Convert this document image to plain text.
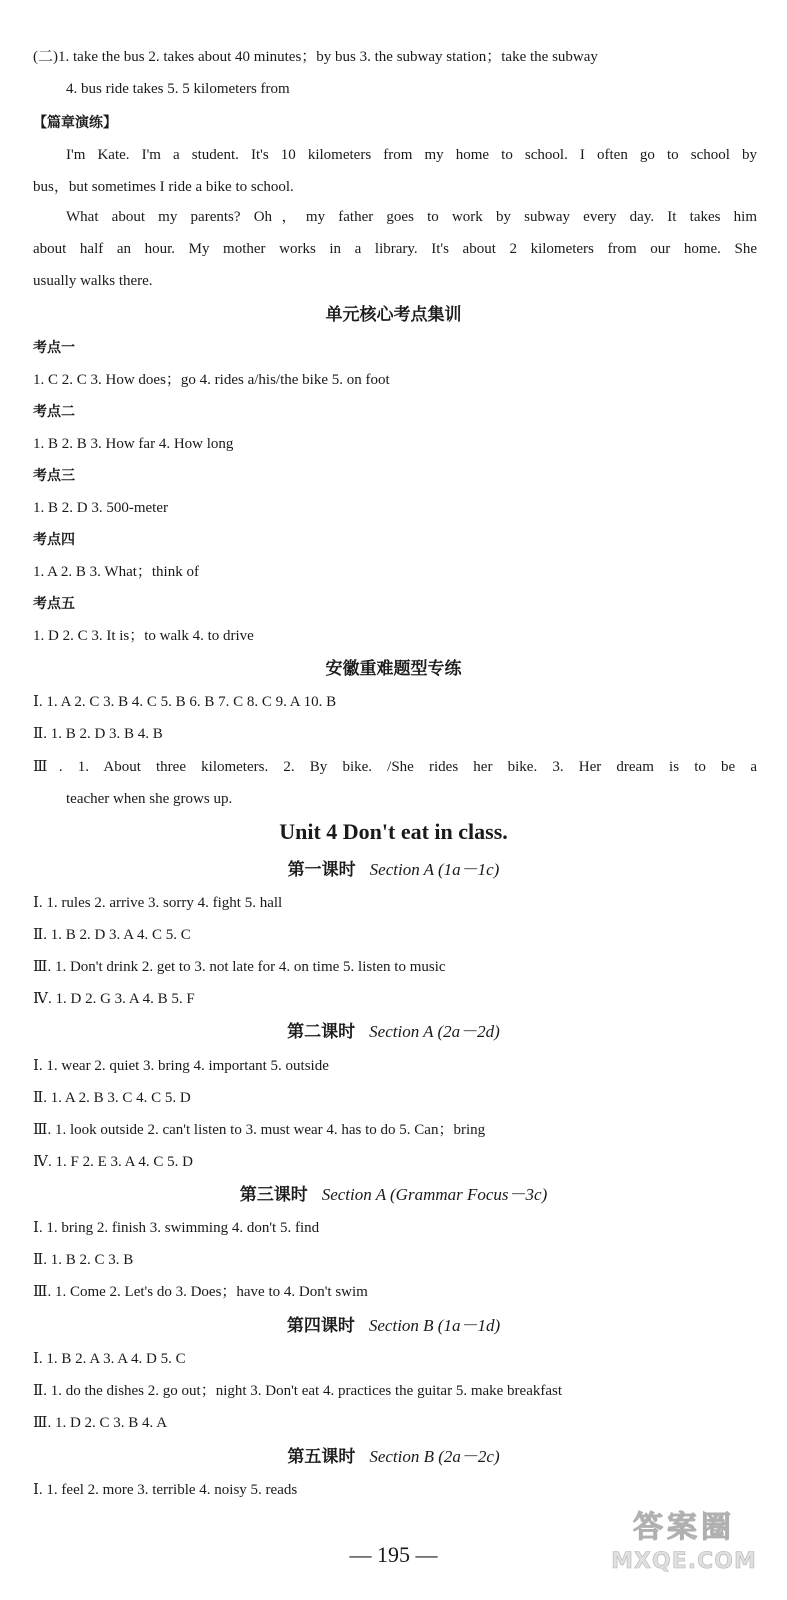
(二)1. take the bus 2. takes about 40 minutes；by bus 3. the subway station；take the subway
4. bus ride takes 5. 5 kilometers from
【篇章演练】
I'm Kate. I'm a student. It's 10 kilometers from my home to school. I often go to school by
bus，but sometimes I ride a bike to school.
What about my parents? Oh，my father goes to work by subway every day. It takes him
about half an hour. My mother works in a library. It's about 2 kilometers from our home. She
usually walks there.
单元核心考点集训
考点一
1. C 2. C 3. How does；go 4. rides a/his/the bike 5. on foot
考点二
1. B 2. B 3. How far 4. How long
考点三
1. B 2. D 3. 500-meter
考点四
1. A 2. B 3. What；think of
考点五
1. D 2. C 3. It is；to walk 4. to drive
安徽重难题型专练
Ⅰ. 1. A 2. C 3. B 4. C 5. B 6. B 7. C 8. C 9. A 10. B
Ⅱ. 1. B 2. D 3. B 4. B
Ⅲ. 1. About three kilometers. 2. By bike. /She rides her bike. 3. Her dream is to be a
teacher when she grows up.
Unit 4 Don't eat in class.
第一课时 Section A (1a－1c)
Ⅰ. 1. rules 2. arrive 3. sorry 4. fight 5. hall
Ⅱ. 1. B 2. D 3. A 4. C 5. C
Ⅲ. 1. Don't drink 2. get to 3. not late for 4. on time 5. listen to music
Ⅳ. 1. D 2. G 3. A 4. B 5. F
第二课时 Section A (2a－2d)
Ⅰ. 1. wear 2. quiet 3. bring 4. important 5. outside
Ⅱ. 1. A 2. B 3. C 4. C 5. D
Ⅲ. 1. look outside 2. can't listen to 3. must wear 4. has to do 5. Can；bring
Ⅳ. 1. F 2. E 3. A 4. C 5. D
第三课时 Section A (Grammar Focus－3c)
Ⅰ. 1. bring 2. finish 3. swimming 4. don't 5. find
Ⅱ. 1. B 2. C 3. B
Ⅲ. 1. Come 2. Let's do 3. Does；have to 4. Don't swim
第四课时 Section B (1a－1d)
Ⅰ. 1. B 2. A 3. A 4. D 5. C
Ⅱ. 1. do the dishes 2. go out；night 3. Don't eat 4. practices the guitar 5. make breakfast
Ⅲ. 1. D 2. C 3. B 4. A
第五课时 Section B (2a－2c)
Ⅰ. 1. feel 2. more 3. terrible 4. noisy 5. reads
— 195 —
答案圈
MXQE.COM
